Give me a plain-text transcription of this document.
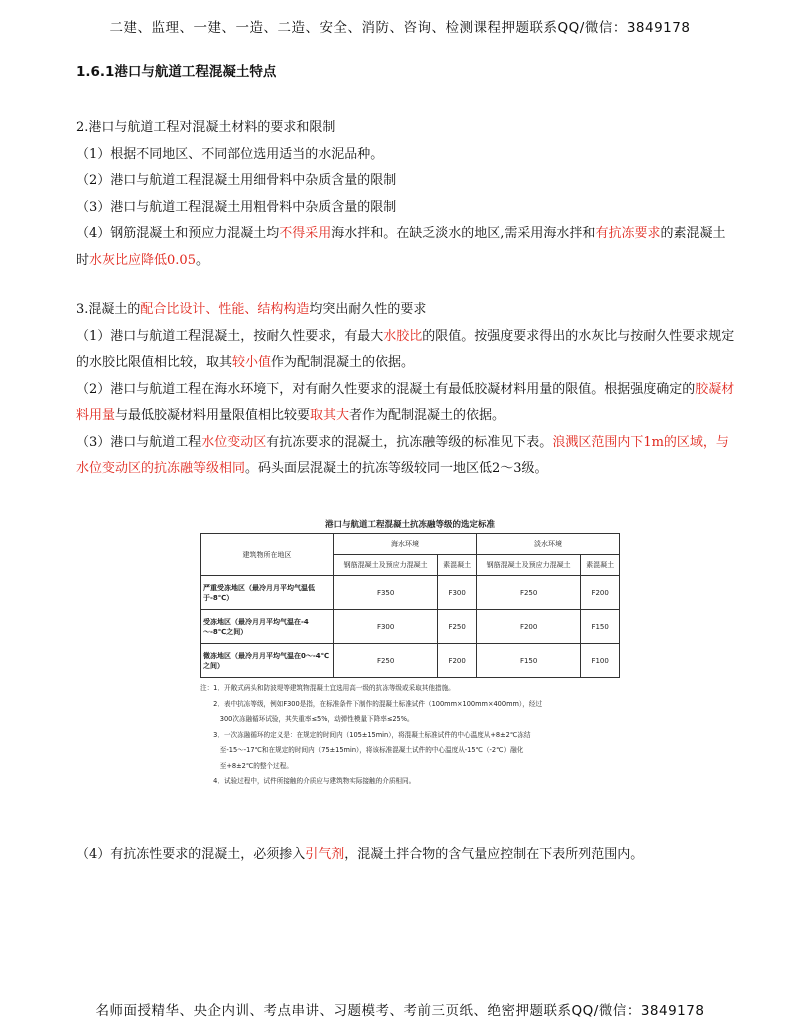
二建、监理、一建、一造、二造、安全、消防、咨询、检测课程押题联系QQ/微信：3849178
1.6.1港口与航道工程混凝土特点

2.港口与航道工程对混凝土材料的要求和限制

（1）根据不同地区、不同部位选用适当的水泥品种。

（2）港口与航道工程混凝土用细骨料中杂质含量的限制

（3）港口与航道工程混凝土用粗骨料中杂质含量的限制

（4）钢筋混凝土和预应力混凝土均不得采用海水拌和。在缺乏淡水的地区,需采用海水拌和有抗冻要求的素混凝土时水灰比应降低0.05。

3.混凝土的配合比设计、性能、结构构造均突出耐久性的要求

（1）港口与航道工程混凝土，按耐久性要求，有最大水胶比的限值。按强度要求得出的水灰比与按耐久性要求规定的水胶比限值相比较，取其较小值作为配制混凝土的依据。

（2）港口与航道工程在海水环境下，对有耐久性要求的混凝土有最低胶凝材料用量的限值。根据强度确定的胶凝材料用量与最低胶凝材料用量限值相比较要取其大者作为配制混凝土的依据。

（3）港口与航道工程水位变动区有抗冻要求的混凝土，抗冻融等级的标准见下表。浪溅区范围内下1m的区域，与水位变动区的抗冻融等级相同。码头面层混凝土的抗冻等级较同一地区低2～3级。

港口与航道工程混凝土抗冻融等级的选定标准
建筑物所在地区	海水环境		淡水环境	
	钢筋混凝土及预应力混凝土	素混凝土	钢筋混凝土及预应力混凝土	素混凝土
严重受冻地区（最冷月月平均气温低于-8℃）	F350	F300	F250	F200
受冻地区（最冷月月平均气温在-4～-8℃之间）	F300	F250	F200	F150
微冻地区（最冷月月平均气温在0～-4℃之间）	F250	F200	F150	F100
注：1．开敞式码头和防波堤等建筑物混凝土宜选用高一级的抗冻等级或采取其他措施。
　　2．表中抗冻等级，例如F300是指，在标准条件下制作的混凝土标准试件（100mm×100mm×400mm），经过
　　　300次冻融循环试验，其失重率≤5%，动弹性模量下降率≤25%。
　　3．一次冻融循环的定义是：在规定的时间内（105±15min），将混凝土标准试件的中心温度从+8±2℃冻结
　　　至-15～-17℃和在规定的时间内（75±15min），将该标准混凝土试件的中心温度从-15℃（-2℃）融化
　　　至+8±2℃的整个过程。
　　4．试验过程中，试件所接触的介质应与建筑物实际接触的介质相同。

（4）有抗冻性要求的混凝土，必须掺入引气剂，混凝土拌合物的含气量应控制在下表所列范围内。

名师面授精华、央企内训、考点串讲、习题模考、考前三页纸、绝密押题联系QQ/微信：3849178
